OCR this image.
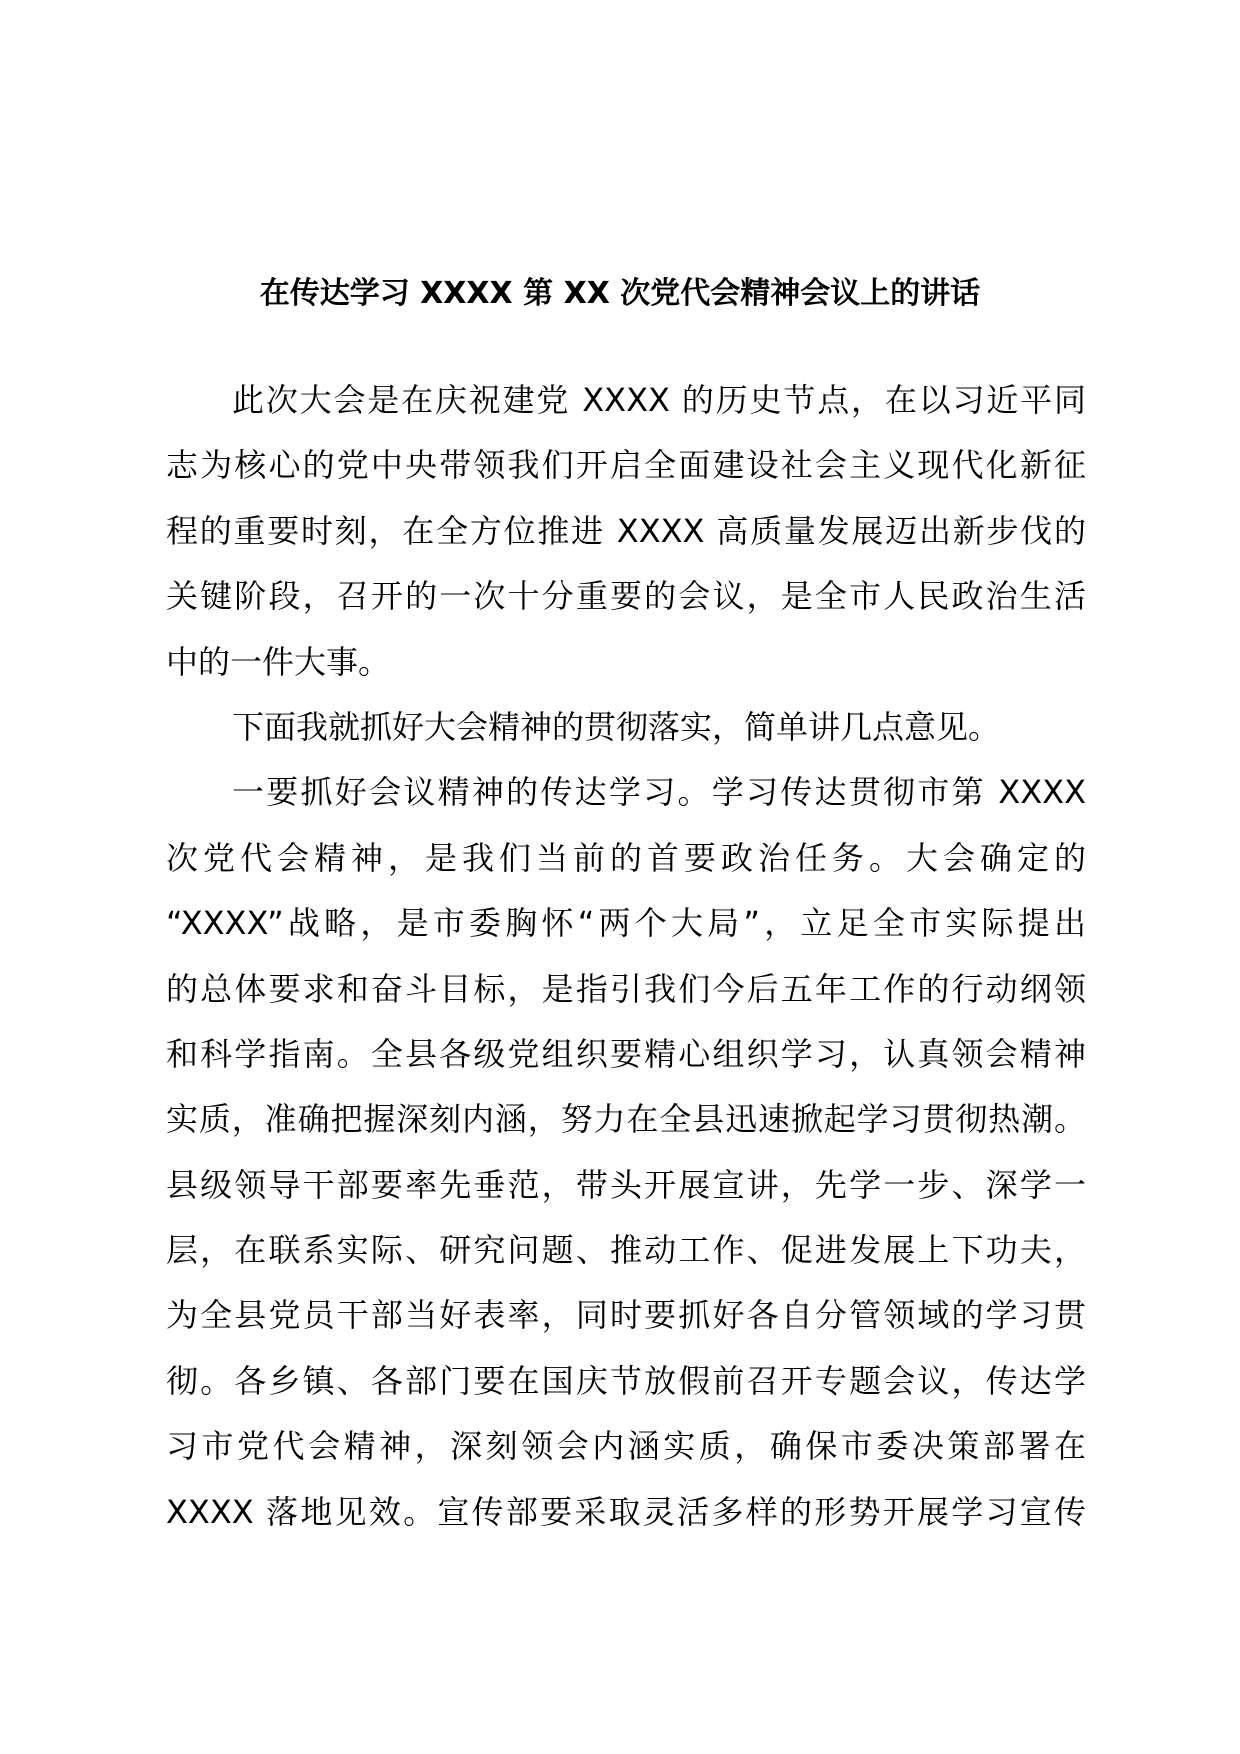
在传达学习 XXXX 第 XX 次党代会精神会议上的讲话
此次大会是在庆祝建党 XXXX 的历史节点，在以习近平同
志为核心的党中央带领我们开启全面建设社会主义现代化新征
程的重要时刻，在全方位推进 XXXX 高质量发展迈出新步伐的
关键阶段，召开的一次十分重要的会议，是全市人民政治生活
中的一件大事。
下面我就抓好大会精神的贯彻落实，简单讲几点意见。
一要抓好会议精神的传达学习。学习传达贯彻市第 XXXX
次党代会精神，是我们当前的首要政治任务。大会确定的
“XXXX”战略，是市委胸怀“两个大局”，立足全市实际提出
的总体要求和奋斗目标，是指引我们今后五年工作的行动纲领
和科学指南。全县各级党组织要精心组织学习，认真领会精神
实质，准确把握深刻内涵，努力在全县迅速掀起学习贯彻热潮。
县级领导干部要率先垂范，带头开展宣讲，先学一步、深学一
层，在联系实际、研究问题、推动工作、促进发展上下功夫，
为全县党员干部当好表率，同时要抓好各自分管领域的学习贯
彻。各乡镇、各部门要在国庆节放假前召开专题会议，传达学
习市党代会精神，深刻领会内涵实质，确保市委决策部署在
XXXX 落地见效。宣传部要采取灵活多样的形势开展学习宣传
